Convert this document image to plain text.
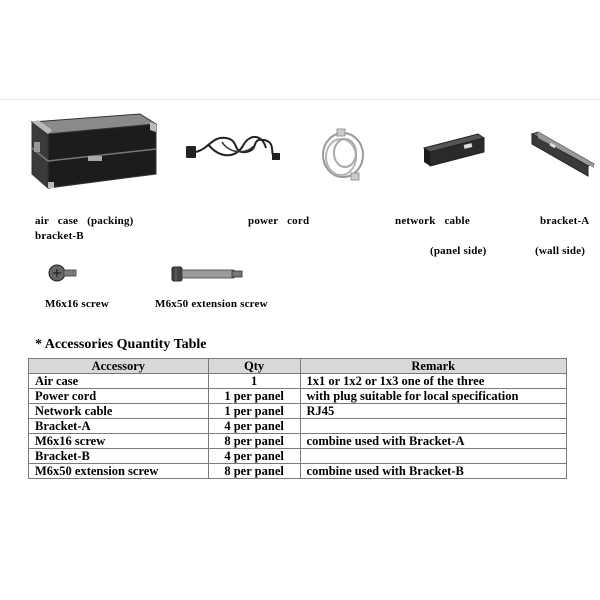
air case (packing)
bracket-B
power cord	network cable
(panel side)
bracket-A
(wall side)
M6x16 screw	M6x50 extension screw
* Accessories Quantity Table
Accessory	Qty	Remark
Air case	1	1x1 or 1x2 or 1x3 one of the three
Power cord	1 per panel	with plug suitable for local specification
Network cable	1 per panel	RJ45
Bracket-A	4 per panel	
M6x16 screw	8 per panel	combine used with Bracket-A
Bracket-B	4 per panel	
M6x50 extension screw	8 per panel	combine used with Bracket-B
